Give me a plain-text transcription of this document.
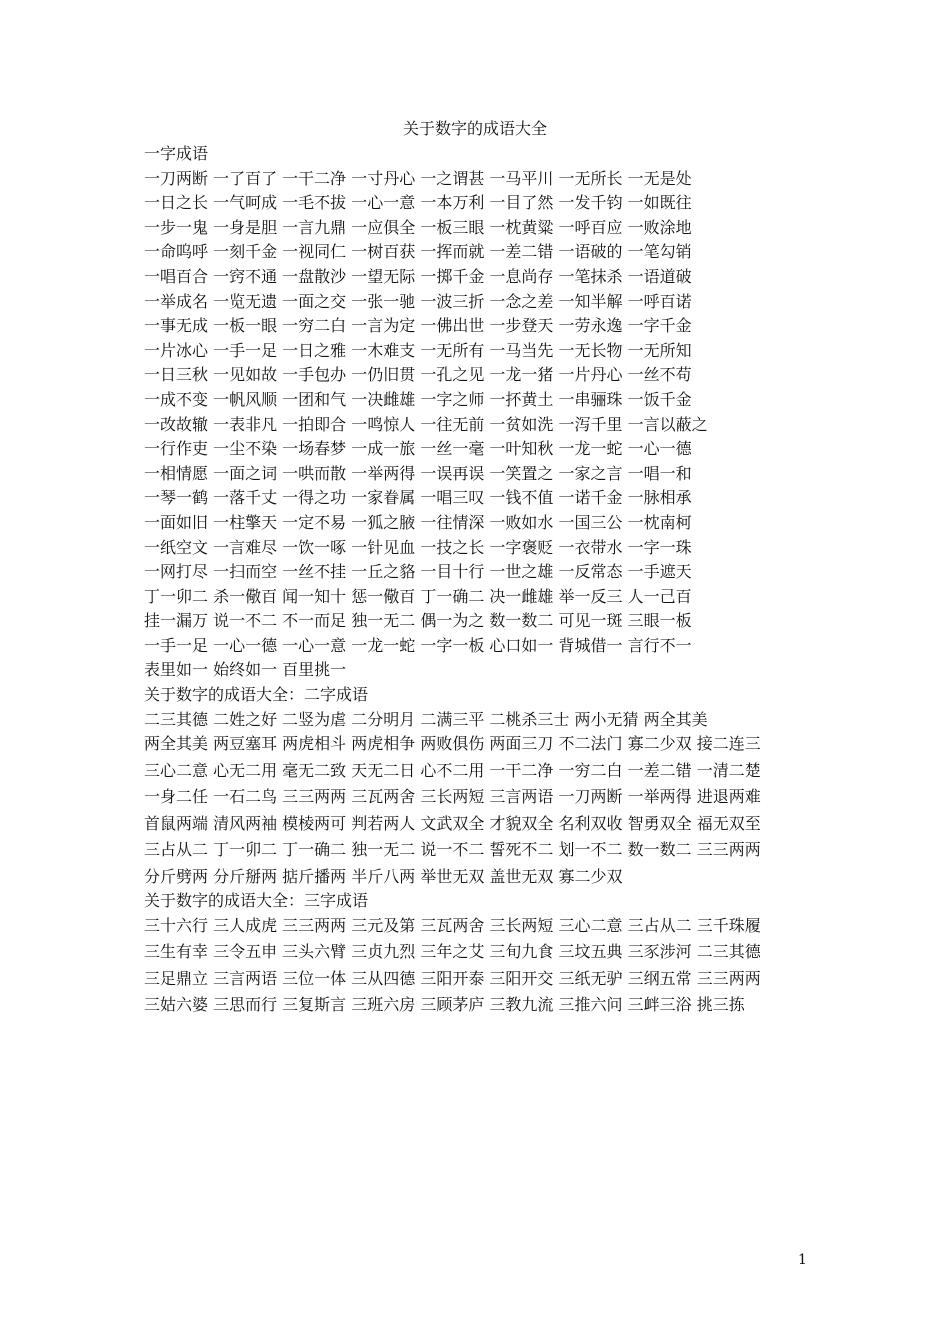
关于数字的成语大全

一字成语

一刀两断 一了百了 一干二净 一寸丹心 一之谓甚 一马平川 一无所长 一无是处

一日之长 一气呵成 一毛不拔 一心一意 一本万利 一目了然 一发千钧 一如既往

一步一鬼 一身是胆 一言九鼎 一应俱全 一板三眼 一枕黄粱 一呼百应 一败涂地

一命呜呼 一刻千金 一视同仁 一树百获 一挥而就 一差二错 一语破的 一笔勾销

一唱百合 一窍不通 一盘散沙 一望无际 一掷千金 一息尚存 一笔抹杀 一语道破

一举成名 一览无遗 一面之交 一张一驰 一波三折 一念之差 一知半解 一呼百诺

一事无成 一板一眼 一穷二白 一言为定 一佛出世 一步登天 一劳永逸 一字千金

一片冰心 一手一足 一日之雅 一木难支 一无所有 一马当先 一无长物 一无所知

一日三秋 一见如故 一手包办 一仍旧贯 一孔之见 一龙一猪 一片丹心 一丝不苟

一成不变 一帆风顺 一团和气 一决雌雄 一字之师 一抔黄土 一串骊珠 一饭千金

一改故辙 一表非凡 一拍即合 一鸣惊人 一往无前 一贫如洗 一泻千里 一言以蔽之

一行作吏 一尘不染 一场春梦 一成一旅 一丝一毫 一叶知秋 一龙一蛇 一心一德

一相情愿 一面之词 一哄而散 一举两得 一误再误 一笑置之 一家之言 一唱一和

一琴一鹤 一落千丈 一得之功 一家眷属 一唱三叹 一钱不值 一诺千金 一脉相承

一面如旧 一柱擎天 一定不易 一狐之腋 一往情深 一败如水 一国三公 一枕南柯

一纸空文 一言难尽 一饮一啄 一针见血 一技之长 一字褒贬 一衣带水 一字一珠

一网打尽 一扫而空 一丝不挂 一丘之貉 一目十行 一世之雄 一反常态 一手遮天

丁一卯二 杀一儆百 闻一知十 惩一儆百 丁一确二 决一雌雄 举一反三 人一己百

挂一漏万 说一不二 不一而足 独一无二 偶一为之 数一数二 可见一斑 三眼一板

一手一足 一心一德 一心一意 一龙一蛇 一字一板 心口如一 背城借一 言行不一

表里如一 始终如一 百里挑一

关于数字的成语大全：二字成语

二三其德 二姓之好 二竖为虐 二分明月 二满三平 二桃杀三士 两小无猜 两全其美

两全其美 两豆塞耳 两虎相斗 两虎相争 两败俱伤 两面三刀 不二法门 寡二少双 接二连三

三心二意 心无二用 毫无二致 天无二日 心不二用 一干二净 一穷二白 一差二错 一清二楚

一身二任 一石二鸟 三三两两 三瓦两舍 三长两短 三言两语 一刀两断 一举两得 进退两难

首鼠两端 清风两袖 模棱两可 判若两人 文武双全 才貌双全 名利双收 智勇双全 福无双至

三占从二 丁一卯二 丁一确二 独一无二 说一不二 誓死不二 划一不二 数一数二 三三两两

分斤劈两 分斤掰两 掂斤播两 半斤八两 举世无双 盖世无双 寡二少双

关于数字的成语大全：三字成语

三十六行 三人成虎 三三两两 三元及第 三瓦两舍 三长两短 三心二意 三占从二 三千珠履

三生有幸 三令五申 三头六臂 三贞九烈 三年之艾 三旬九食 三坟五典 三豕涉河 二三其德

三足鼎立 三言两语 三位一体 三从四德 三阳开泰 三阳开交 三纸无驴 三纲五常 三三两两

三姑六婆 三思而行 三复斯言 三班六房 三顾茅庐 三教九流 三推六问 三衅三浴 挑三拣

1
